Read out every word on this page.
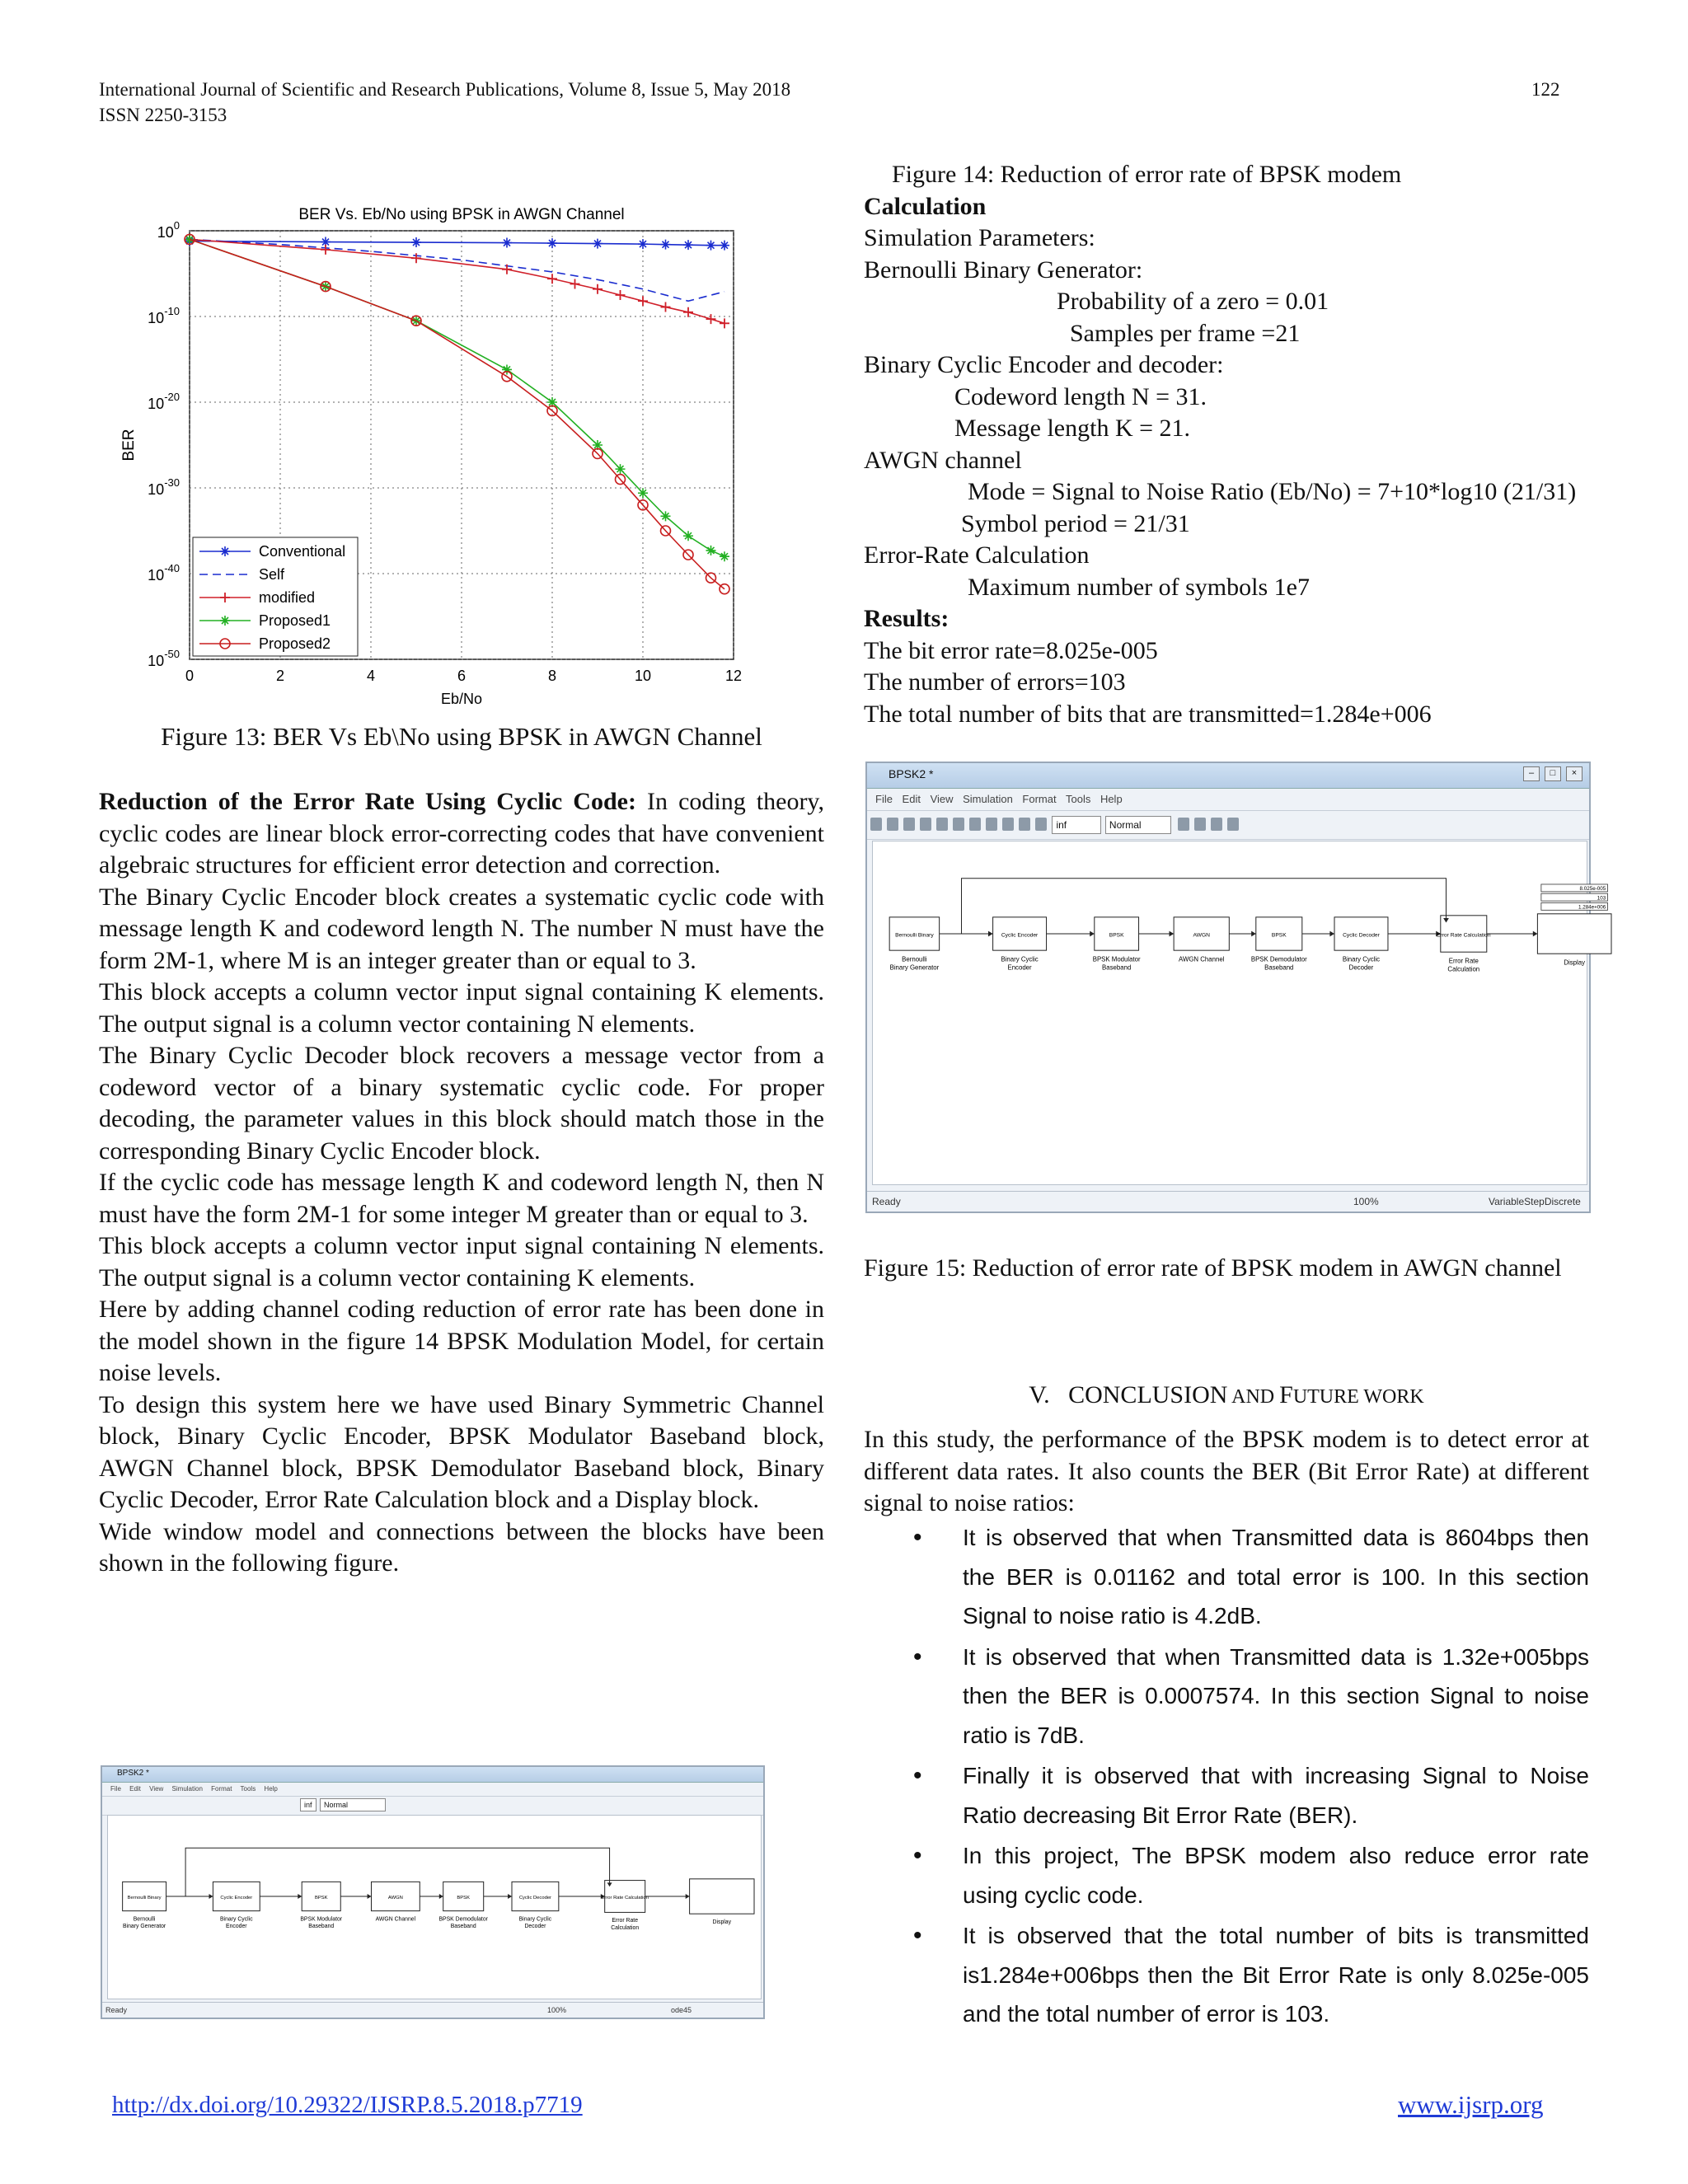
International Journal of Scientific and Research Publications, Volume 8, Issue 5, May 2018
ISSN 2250-3153
122
BER Vs. Eb/No using BPSK in AWGN Channel
0	2	4	6	8	10	12
$10^0$
$10^{-10}$
$10^{-20}$
$10^{-30}$
$10^{-40}$
$10^{-50}$
Eb/No
BER
Conventional
Self
modified
Proposed1
Proposed2
Figure 13: BER Vs Eb\No using BPSK in AWGN Channel

Reduction of the Error Rate Using Cyclic Code: In coding theory, cyclic codes are linear block error-correcting codes that have convenient algebraic structures for efficient error detection and correction.

The Binary Cyclic Encoder block creates a systematic cyclic code with message length K and codeword length N. The number N must have the form 2M-1, where M is an integer greater than or equal to 3.

This block accepts a column vector input signal containing K elements. The output signal is a column vector containing N elements.

The Binary Cyclic Decoder block recovers a message vector from a codeword vector of a binary systematic cyclic code. For proper decoding, the parameter values in this block should match those in the corresponding Binary Cyclic Encoder block.

If the cyclic code has message length K and codeword length N, then N must have the form 2M-1 for some integer M greater than or equal to 3.

This block accepts a column vector input signal containing N elements. The output signal is a column vector containing K elements.

Here by adding channel coding reduction of error rate has been done in the model shown in the figure 14 BPSK Modulation Model, for certain noise levels.

To design this system here we have used Binary Symmetric Channel block, Binary Cyclic Encoder, BPSK Modulator Baseband block, AWGN Channel block, BPSK Demodulator Baseband block, Binary Cyclic Decoder, Error Rate Calculation block and a Display block.

Wide window model and connections between the blocks have been shown in the following figure.

BPSK2 *
File Edit View Simulation Format Tools Help
inf Normal
Bernoulli Binary
Bernoulli
Binary Generator
Cyclic Encoder
Binary Cyclic
Encoder
BPSK
BPSK Modulator
Baseband
AWGN
AWGN Channel
BPSK
BPSK Demodulator
Baseband
Cyclic Decoder
Binary Cyclic
Decoder
Error Rate Calculation
Error Rate
Calculation
Display
Ready	100%	ode45

Figure 14: Reduction of error rate of BPSK modem

Calculation

Simulation Parameters:

Bernoulli Binary Generator:

Probability of a zero = 0.01

Samples per frame =21

Binary Cyclic Encoder and decoder:

Codeword length N = 31.

Message length K = 21.

AWGN channel

Mode = Signal to Noise Ratio (Eb/No) = 7+10*log10 (21/31)

Symbol period = 21/31

Error-Rate Calculation

Maximum number of symbols 1e7

Results:

The bit error rate=8.025e-005

The number of errors=103

The total number of bits that are transmitted=1.284e+006

BPSK2 *	–	□	×
File Edit View Simulation Format Tools Help
inf	Normal
Bernoulli Binary
Bernoulli
Binary Generator
Cyclic Encoder
Binary Cyclic
Encoder
BPSK
BPSK Modulator
Baseband
AWGN
AWGN Channel
BPSK
BPSK Demodulator
Baseband
Cyclic Decoder
Binary Cyclic
Decoder
Error Rate Calculation
Error Rate
Calculation
8.025e-005
103
1.284e+006
Display
Ready	100%	VariableStepDiscrete
Figure 15: Reduction of error rate of BPSK modem in AWGN channel
V. CONCLUSION AND FUTURE WORK
In this study, the performance of the BPSK modem is to detect error at different data rates. It also counts the BER (Bit Error Rate) at different signal to noise ratios:
• It is observed that when Transmitted data is 8604bps then the BER is 0.01162 and total error is 100. In this section Signal to noise ratio is 4.2dB.
• It is observed that when Transmitted data is 1.32e+005bps then the BER is 0.0007574. In this section Signal to noise ratio is 7dB.
• Finally it is observed that with increasing Signal to Noise Ratio decreasing Bit Error Rate (BER).
• In this project, The BPSK modem also reduce error rate using cyclic code.
• It is observed that the total number of bits is transmitted is1.284e+006bps then the Bit Error Rate is only 8.025e-005 and the total number of error is 103.
http://dx.doi.org/10.29322/IJSRP.8.5.2018.p7719	www.ijsrp.org
